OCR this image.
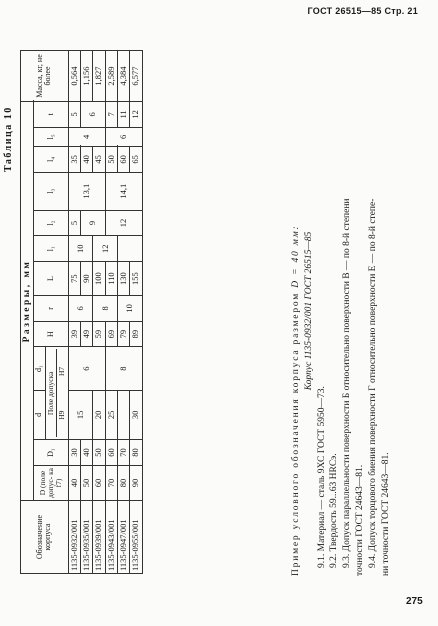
ГОСТ 26515—85 Стр. 21
Таблица 10
Обозначение корпуса	Размеры, мм													Масса, кг, не более
	D (поле допус- ка f7)	D₁	d	d₁	H	r	L	l₁	l₂	l₃	l₄	l₅	t	

			Поле допуска
H9
H7											

1135-0932/001	40	30	15	6	39	6	75	10	5	13,1	35	4	5	0,564
1135-0935/001	50	40			49		90		9		40		6	1,156
1135-0939/001	60	50	20		59	8	100	12			45			1,827
1135-0943/001	70	60	25	8	69		110		12	14,1	50	6	7	2,589
1135-0947/001	80	70			79	10	130				60		11	4,384
1135-0955/001	90	80	30		89		155				65		12	6,577

Пример условного обозначения корпуса размером D = 40 мм: Корпус 1135-0932/001 ГОСТ 26515—85

9.1. Материал — сталь 9ХС ГОСТ 5950—73. 9.2. Твердость 59...63 HRCэ. 9.3. Допуск параллельности поверхности Б относительно поверхности В — по 8-й степени точности ГОСТ 24643—81. 9.4. Допуск торцового биения поверхности Г относительно поверхности Е — по 8-й степе- ни точности ГОСТ 24643—81.

275
